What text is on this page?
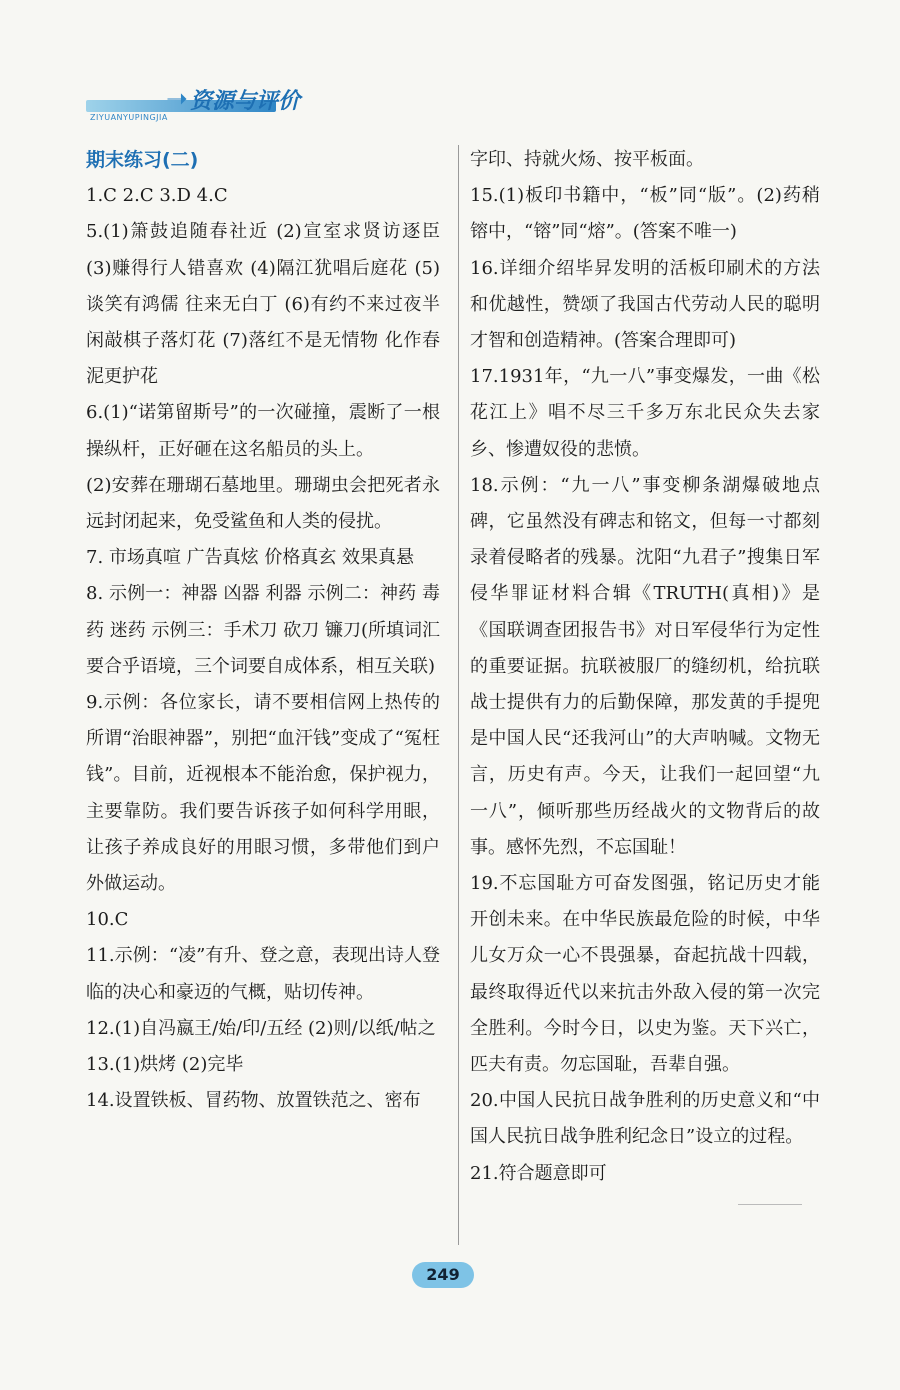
➝
ZIYUANYUPINGJIA
资源与评价

期末练习(二)

1.C 2.C 3.D 4.C

5.(1)箫鼓追随春社近 (2)宣室求贤访逐臣 (3)赚得行人错喜欢 (4)隔江犹唱后庭花 (5)谈笑有鸿儒 往来无白丁 (6)有约不来过夜半 闲敲棋子落灯花 (7)落红不是无情物 化作春泥更护花

6.(1)“诺第留斯号”的一次碰撞，震断了一根操纵杆，正好砸在这名船员的头上。

(2)安葬在珊瑚石墓地里。珊瑚虫会把死者永远封闭起来，免受鲨鱼和人类的侵扰。

7. 市场真喧 广告真炫 价格真玄 效果真悬

8. 示例一：神器 凶器 利器 示例二：神药 毒药 迷药 示例三：手术刀 砍刀 镰刀(所填词汇要合乎语境，三个词要自成体系，相互关联)

9.示例：各位家长，请不要相信网上热传的所谓“治眼神器”，别把“血汗钱”变成了“冤枉钱”。目前，近视根本不能治愈，保护视力，主要靠防。我们要告诉孩子如何科学用眼，让孩子养成良好的用眼习惯，多带他们到户外做运动。

10.C

11.示例：“凌”有升、登之意，表现出诗人登临的决心和豪迈的气概，贴切传神。

12.(1)自冯嬴王/始/印/五经 (2)则/以纸/帖之

13.(1)烘烤 (2)完毕

14.设置铁板、冒药物、放置铁范之、密布

字印、持就火炀、按平板面。

15.(1)板印书籍中，“板”同“版”。(2)药稍镕中，“镕”同“熔”。(答案不唯一)

16.详细介绍毕昇发明的活板印刷术的方法和优越性，赞颂了我国古代劳动人民的聪明才智和创造精神。(答案合理即可)

17.1931年，“九一八”事变爆发，一曲《松花江上》唱不尽三千多万东北民众失去家乡、惨遭奴役的悲愤。

18.示例：“九一八”事变柳条湖爆破地点碑，它虽然没有碑志和铭文，但每一寸都刻录着侵略者的残暴。沈阳“九君子”搜集日军侵华罪证材料合辑《TRUTH(真相)》是《国联调查团报告书》对日军侵华行为定性的重要证据。抗联被服厂的缝纫机，给抗联战士提供有力的后勤保障，那发黄的手提兜是中国人民“还我河山”的大声呐喊。文物无言，历史有声。今天，让我们一起回望“九一八”，倾听那些历经战火的文物背后的故事。感怀先烈，不忘国耻！

19.不忘国耻方可奋发图强，铭记历史才能开创未来。在中华民族最危险的时候，中华儿女万众一心不畏强暴，奋起抗战十四载，最终取得近代以来抗击外敌入侵的第一次完全胜利。今时今日，以史为鉴。天下兴亡，匹夫有责。勿忘国耻，吾辈自强。

20.中国人民抗日战争胜利的历史意义和“中国人民抗日战争胜利纪念日”设立的过程。

21.符合题意即可

249
